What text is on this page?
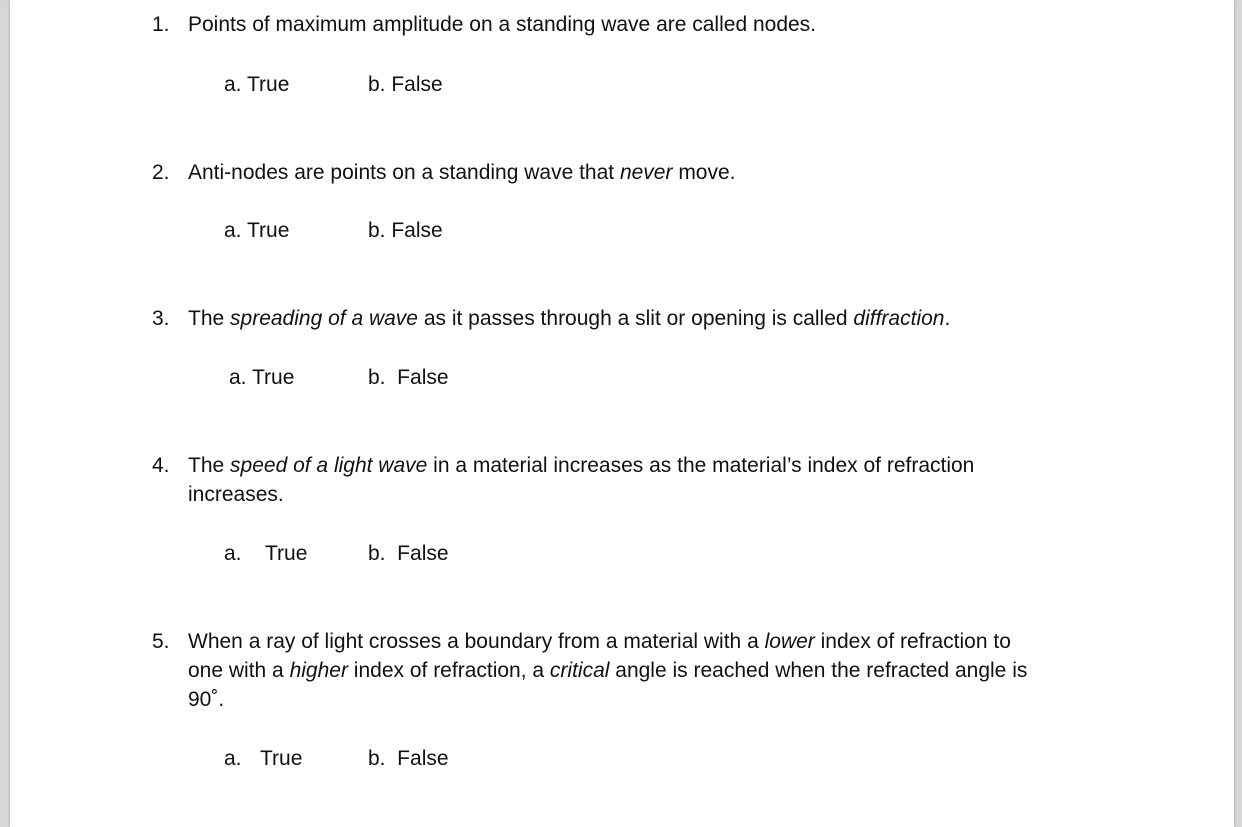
1. Points of maximum amplitude on a standing wave are called nodes.
a. True	b. False
2. Anti-nodes are points on a standing wave that never move.
a. True	b. False
3. The spreading of a wave as it passes through a slit or opening is called diffraction.
a. True	b.  False
4. The speed of a light wave in a material increases as the material’s index of refraction
increases.
a. True	b.  False
5. When a ray of light crosses a boundary from a material with a lower index of refraction to
one with a higher index of refraction, a critical angle is reached when the refracted angle is
90˚.
a. True	b.  False
